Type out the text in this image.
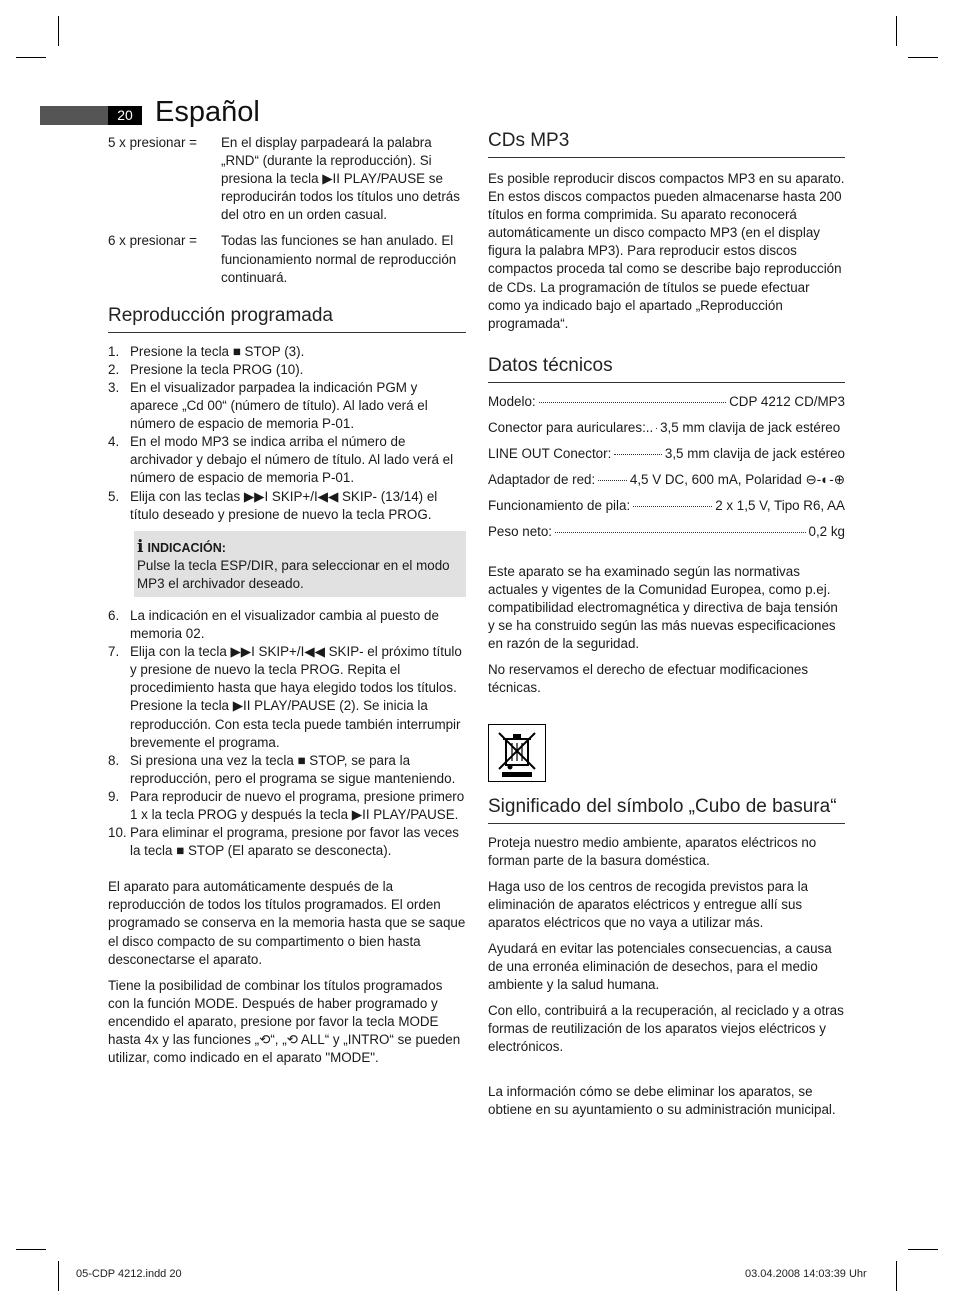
20 Español
5 x presionar =	En el display parpadeará la palabra „RND“ (durante la reproducción). Si presiona la tecla ▶II PLAY/PAUSE se reproducirán todos los títulos uno detrás del otro en un orden casual.
6 x presionar =	Todas las funciones se han anulado. El funcionamiento normal de reproducción continuará.
Reproducción programada
1. Presione la tecla ■ STOP (3).
2. Presione la tecla PROG (10).
3. En el visualizador parpadea la indicación PGM y aparece „Cd 00“ (número de título). Al lado verá el número de espacio de memoria P-01.
4. En el modo MP3 se indica arriba el número de archivador y debajo el número de título. Al lado verá el número de espacio de memoria P-01.
5. Elija con las teclas ▶▶I SKIP+/I◀◀ SKIP- (13/14) el título deseado y presione de nuevo la tecla PROG.
i INDICACIÓN:
Pulse la tecla ESP/DIR, para seleccionar en el modo MP3 el archivador deseado.
6. La indicación en el visualizador cambia al puesto de memoria 02.
7. Elija con la tecla ▶▶I SKIP+/I◀◀ SKIP- el próximo título y presione de nuevo la tecla PROG. Repita el procedimiento hasta que haya elegido todos los títulos. Presione la tecla ▶II PLAY/PAUSE (2). Se inicia la reproducción. Con esta tecla puede también interrumpir brevemente el programa.
8. Si presiona una vez la tecla ■ STOP, se para la reproducción, pero el programa se sigue manteniendo.
9. Para reproducir de nuevo el programa, presione primero 1 x la tecla PROG y después la tecla ▶II PLAY/PAUSE.
10. Para eliminar el programa, presione por favor las veces la tecla ■ STOP (El aparato se desconecta).

El aparato para automáticamente después de la reproducción de todos los títulos programados. El orden programado se conserva en la memoria hasta que se saque el disco compacto de su compartimento o bien hasta desconectarse el aparato.

Tiene la posibilidad de combinar los títulos programados con la función MODE. Después de haber programado y encendido el aparato, presione por favor la tecla MODE hasta 4x y las funciones „⟲“, „⟲ ALL“ y „INTRO“ se pueden utilizar, como indicado en el aparato "MODE".

CDs MP3

Es posible reproducir discos compactos MP3 en su aparato. En estos discos compactos pueden almacenarse hasta 200 títulos en forma comprimida. Su aparato reconocerá automáticamente un disco compacto MP3 (en el display figura la palabra MP3). Para reproducir estos discos compactos proceda tal como se describe bajo reproducción de CDs. La programación de títulos se puede efectuar como ya indicado bajo el apartado „Reproducción programada“.

Datos técnicos
Modelo:	CDP 4212 CD/MP3
Conector para auriculares:.. 3,5 mm clavija de jack estéreo
LINE OUT Conector:	3,5 mm clavija de jack estéreo
Adaptador de red:	4,5 V DC, 600 mA, Polaridad ⊖-◐-⊕
Funcionamiento de pila:	2 x 1,5 V, Tipo R6, AA
Peso neto:	0,2 kg

Este aparato se ha examinado según las normativas actuales y vigentes de la Comunidad Europea, como p.ej. compatibilidad electromagnética y directiva de baja tensión y se ha construido según las más nuevas especificaciones en razón de la seguridad.

No reservamos el derecho de efectuar modificaciones técnicas.

Significado del símbolo „Cubo de basura“

Proteja nuestro medio ambiente, aparatos eléctricos no forman parte de la basura doméstica.

Haga uso de los centros de recogida previstos para la eliminación de aparatos eléctricos y entregue allí sus aparatos eléctricos que no vaya a utilizar más.

Ayudará en evitar las potenciales consecuencias, a causa de una erronéa eliminación de desechos, para el medio ambiente y la salud humana.

Con ello, contribuirá a la recuperación, al reciclado y a otras formas de reutilización de los aparatos viejos eléctricos y electrónicos.

La información cómo se debe eliminar los aparatos, se obtiene en su ayuntamiento o su administración municipal.

05-CDP 4212.indd 20	03.04.2008 14:03:39 Uhr
